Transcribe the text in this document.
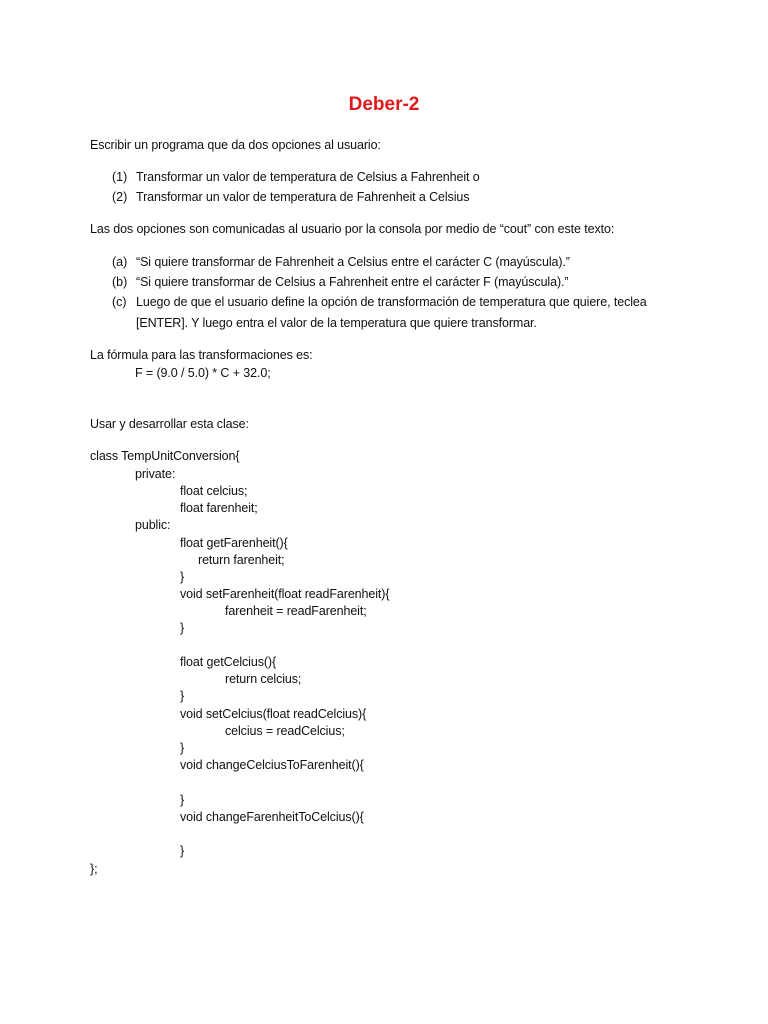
Deber-2
Escribir un programa que da dos opciones al usuario:
(1) Transformar un valor de temperatura de Celsius a Fahrenheit o
(2) Transformar un valor de temperatura de Fahrenheit a Celsius
Las dos opciones son comunicadas al usuario por la consola por medio de “cout” con este texto:
(a) “Si quiere transformar de Fahrenheit a Celsius entre el carácter C (mayúscula).”
(b) “Si quiere transformar de Celsius a Fahrenheit entre el carácter F (mayúscula).”
(c) Luego de que el usuario define la opción de transformación de temperatura que quiere, teclea
[ENTER]. Y luego entra el valor de la temperatura que quiere transformar.
La fórmula para las transformaciones es:
F = (9.0 / 5.0) * C + 32.0;
Usar y desarrollar esta clase:
class TempUnitConversion{
private:
float celcius;
float farenheit;
public:
float getFarenheit(){
return farenheit;
}
void setFarenheit(float readFarenheit){
farenheit = readFarenheit;
}
float getCelcius(){
return celcius;
}
void setCelcius(float readCelcius){
celcius = readCelcius;
}
void changeCelciusToFarenheit(){
}
void changeFarenheitToCelcius(){
}
};
